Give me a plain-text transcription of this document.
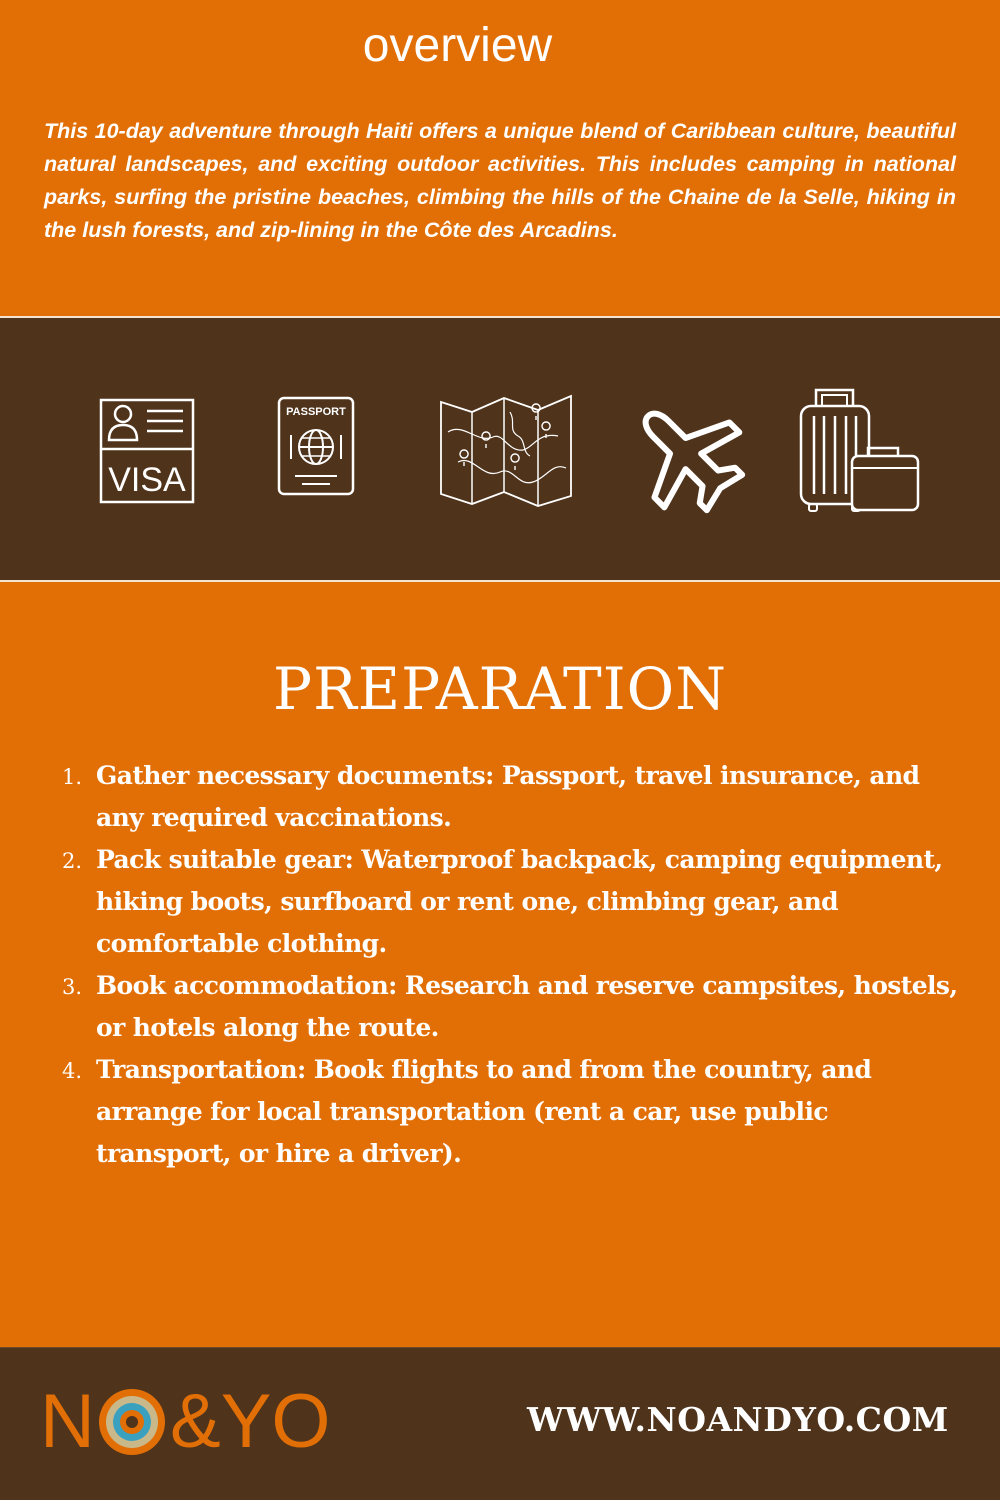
overview
This 10-day adventure through Haiti offers a unique blend of Caribbean culture, beautiful natural landscapes, and exciting outdoor activities. This includes camping in national parks, surfing the pristine beaches, climbing the hills of the Chaine de la Selle, hiking in the lush forests, and zip-lining in the Côte des Arcadins.
VISA
PASSPORT
PREPARATION
1. Gather necessary documents: Passport, travel insurance, and any required vaccinations.
2. Pack suitable gear: Waterproof backpack, camping equipment, hiking boots, surfboard or rent one, climbing gear, and comfortable clothing.
3. Book accommodation: Research and reserve campsites, hostels, or hotels along the route.
4. Transportation: Book flights to and from the country, and arrange for local transportation (rent a car, use public transport, or hire a driver).
N &YO	WWW.NOANDYO.COM
